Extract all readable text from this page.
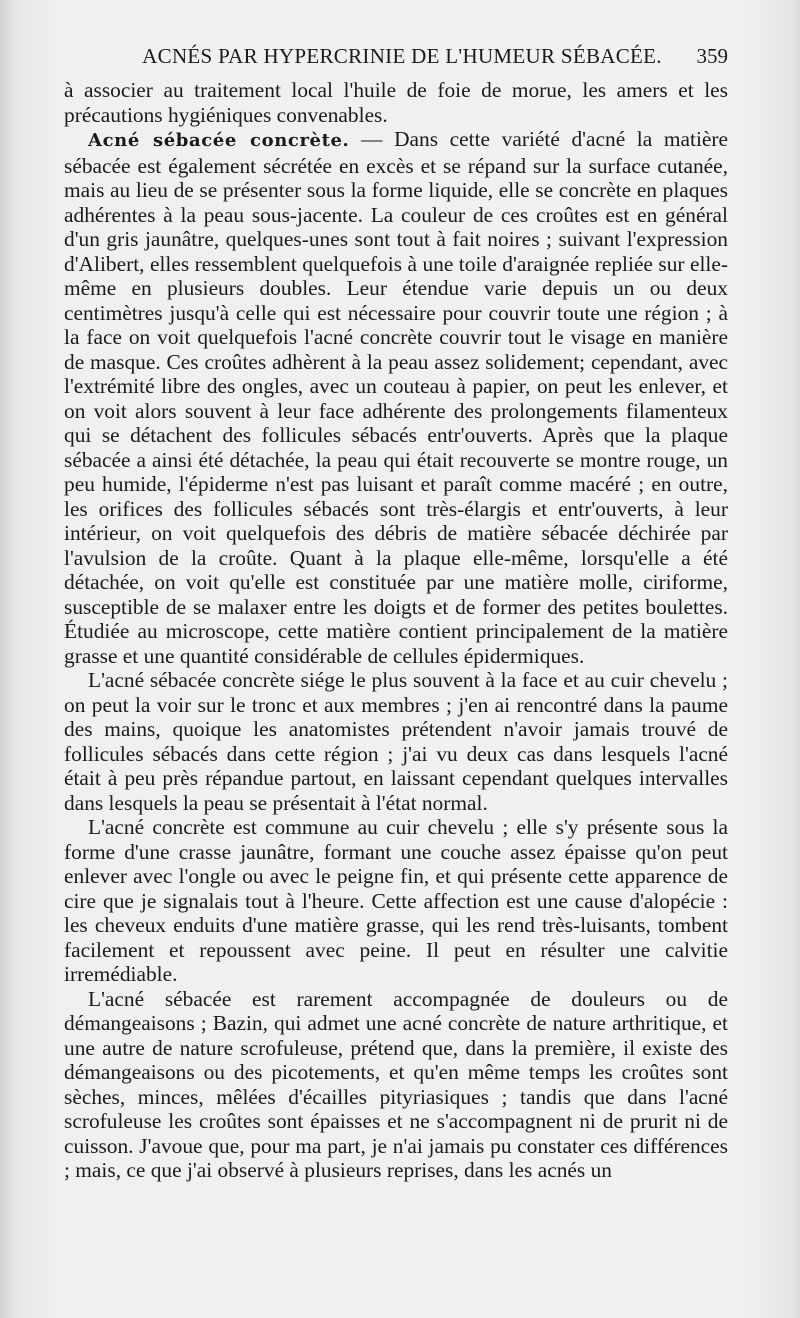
ACNÉS PAR HYPERCRINIE DE L'HUMEUR SÉBACÉE.	359

à associer au traitement local l'huile de foie de morue, les amers et les précautions hygiéniques convenables.

Acné sébacée concrète. — Dans cette variété d'acné la matière sébacée est également sécrétée en excès et se répand sur la surface cutanée, mais au lieu de se présenter sous la forme liquide, elle se concrète en plaques adhérentes à la peau sous-jacente. La couleur de ces croûtes est en général d'un gris jaunâtre, quelques-unes sont tout à fait noires ; suivant l'expression d'Alibert, elles ressemblent quelquefois à une toile d'araignée repliée sur elle-même en plusieurs doubles. Leur étendue varie depuis un ou deux centimètres jusqu'à celle qui est nécessaire pour couvrir toute une région ; à la face on voit quelquefois l'acné concrète couvrir tout le visage en manière de masque. Ces croûtes adhèrent à la peau assez solidement; cependant, avec l'extrémité libre des ongles, avec un couteau à papier, on peut les enlever, et on voit alors souvent à leur face adhérente des prolongements filamenteux qui se détachent des follicules sébacés entr'ouverts. Après que la plaque sébacée a ainsi été détachée, la peau qui était recouverte se montre rouge, un peu humide, l'épiderme n'est pas luisant et paraît comme macéré ; en outre, les orifices des follicules sébacés sont très-élargis et entr'ouverts, à leur intérieur, on voit quelquefois des débris de matière sébacée déchirée par l'avulsion de la croûte. Quant à la plaque elle-même, lorsqu'elle a été détachée, on voit qu'elle est constituée par une matière molle, ciriforme, susceptible de se malaxer entre les doigts et de former des petites boulettes. Étudiée au microscope, cette matière contient principalement de la matière grasse et une quantité considérable de cellules épidermiques.

L'acné sébacée concrète siége le plus souvent à la face et au cuir chevelu ; on peut la voir sur le tronc et aux membres ; j'en ai rencontré dans la paume des mains, quoique les anatomistes prétendent n'avoir jamais trouvé de follicules sébacés dans cette région ; j'ai vu deux cas dans lesquels l'acné était à peu près répandue partout, en laissant cependant quelques intervalles dans lesquels la peau se présentait à l'état normal.

L'acné concrète est commune au cuir chevelu ; elle s'y présente sous la forme d'une crasse jaunâtre, formant une couche assez épaisse qu'on peut enlever avec l'ongle ou avec le peigne fin, et qui présente cette apparence de cire que je signalais tout à l'heure. Cette affection est une cause d'alopécie : les cheveux enduits d'une matière grasse, qui les rend très-luisants, tombent facilement et repoussent avec peine. Il peut en résulter une calvitie irremédiable.

L'acné sébacée est rarement accompagnée de douleurs ou de démangeaisons ; Bazin, qui admet une acné concrète de nature arthritique, et une autre de nature scrofuleuse, prétend que, dans la première, il existe des démangeaisons ou des picotements, et qu'en même temps les croûtes sont sèches, minces, mêlées d'écailles pityriasiques ; tandis que dans l'acné scrofuleuse les croûtes sont épaisses et ne s'accompagnent ni de prurit ni de cuisson. J'avoue que, pour ma part, je n'ai jamais pu constater ces différences ; mais, ce que j'ai observé à plusieurs reprises, dans les acnés un
